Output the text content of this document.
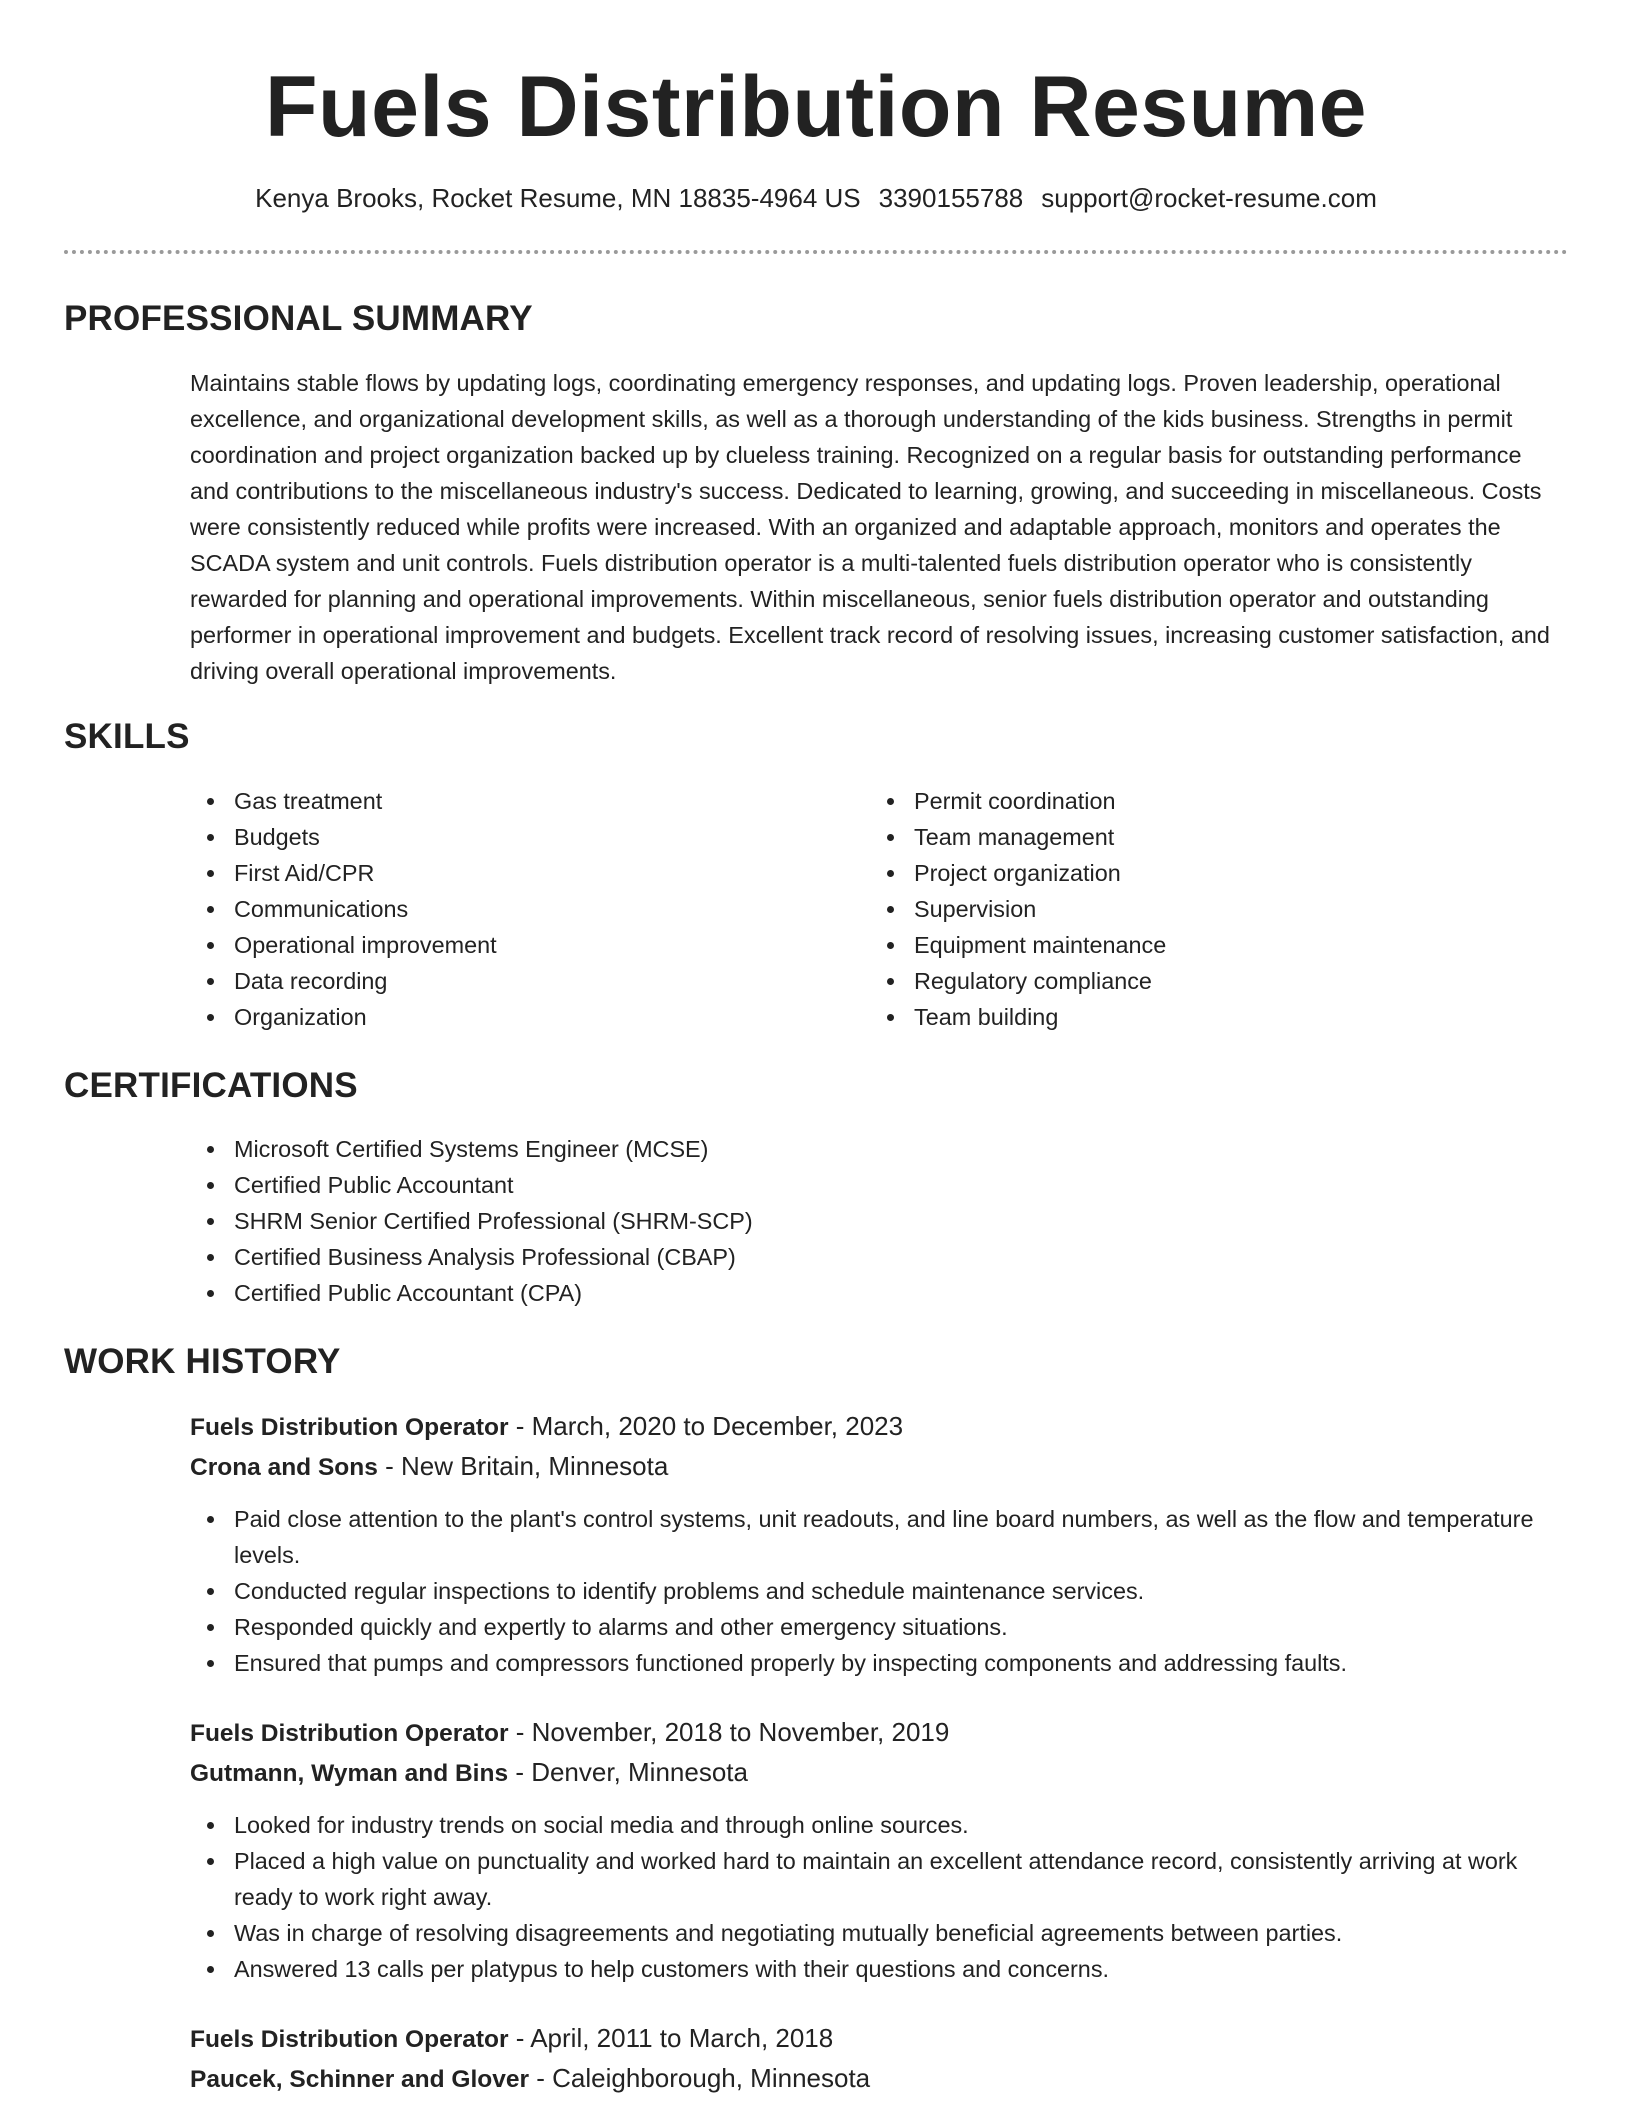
Fuels Distribution Resume
Kenya Brooks, Rocket Resume, MN 18835-4964 US 3390155788 support@rocket-resume.com
PROFESSIONAL SUMMARY

Maintains stable flows by updating logs, coordinating emergency responses, and updating logs. Proven leadership, operational excellence, and organizational development skills, as well as a thorough understanding of the kids business. Strengths in permit coordination and project organization backed up by clueless training. Recognized on a regular basis for outstanding performance and contributions to the miscellaneous industry's success. Dedicated to learning, growing, and succeeding in miscellaneous. Costs were consistently reduced while profits were increased. With an organized and adaptable approach, monitors and operates the SCADA system and unit controls. Fuels distribution operator is a multi-talented fuels distribution operator who is consistently rewarded for planning and operational improvements. Within miscellaneous, senior fuels distribution operator and outstanding performer in operational improvement and budgets. Excellent track record of resolving issues, increasing customer satisfaction, and driving overall operational improvements.

SKILLS
Gas treatment
Budgets
First Aid/CPR
Communications
Operational improvement
Data recording
Organization
Permit coordination
Team management
Project organization
Supervision
Equipment maintenance
Regulatory compliance
Team building
CERTIFICATIONS
Microsoft Certified Systems Engineer (MCSE)
Certified Public Accountant
SHRM Senior Certified Professional (SHRM-SCP)
Certified Business Analysis Professional (CBAP)
Certified Public Accountant (CPA)
WORK HISTORY
Fuels Distribution Operator - March, 2020 to December, 2023
Crona and Sons - New Britain, Minnesota
Paid close attention to the plant's control systems, unit readouts, and line board numbers, as well as the flow and temperature levels.
Conducted regular inspections to identify problems and schedule maintenance services.
Responded quickly and expertly to alarms and other emergency situations.
Ensured that pumps and compressors functioned properly by inspecting components and addressing faults.
Fuels Distribution Operator - November, 2018 to November, 2019
Gutmann, Wyman and Bins - Denver, Minnesota
Looked for industry trends on social media and through online sources.
Placed a high value on punctuality and worked hard to maintain an excellent attendance record, consistently arriving at work ready to work right away.
Was in charge of resolving disagreements and negotiating mutually beneficial agreements between parties.
Answered 13 calls per platypus to help customers with their questions and concerns.
Fuels Distribution Operator - April, 2011 to March, 2018
Paucek, Schinner and Glover - Caleighborough, Minnesota
